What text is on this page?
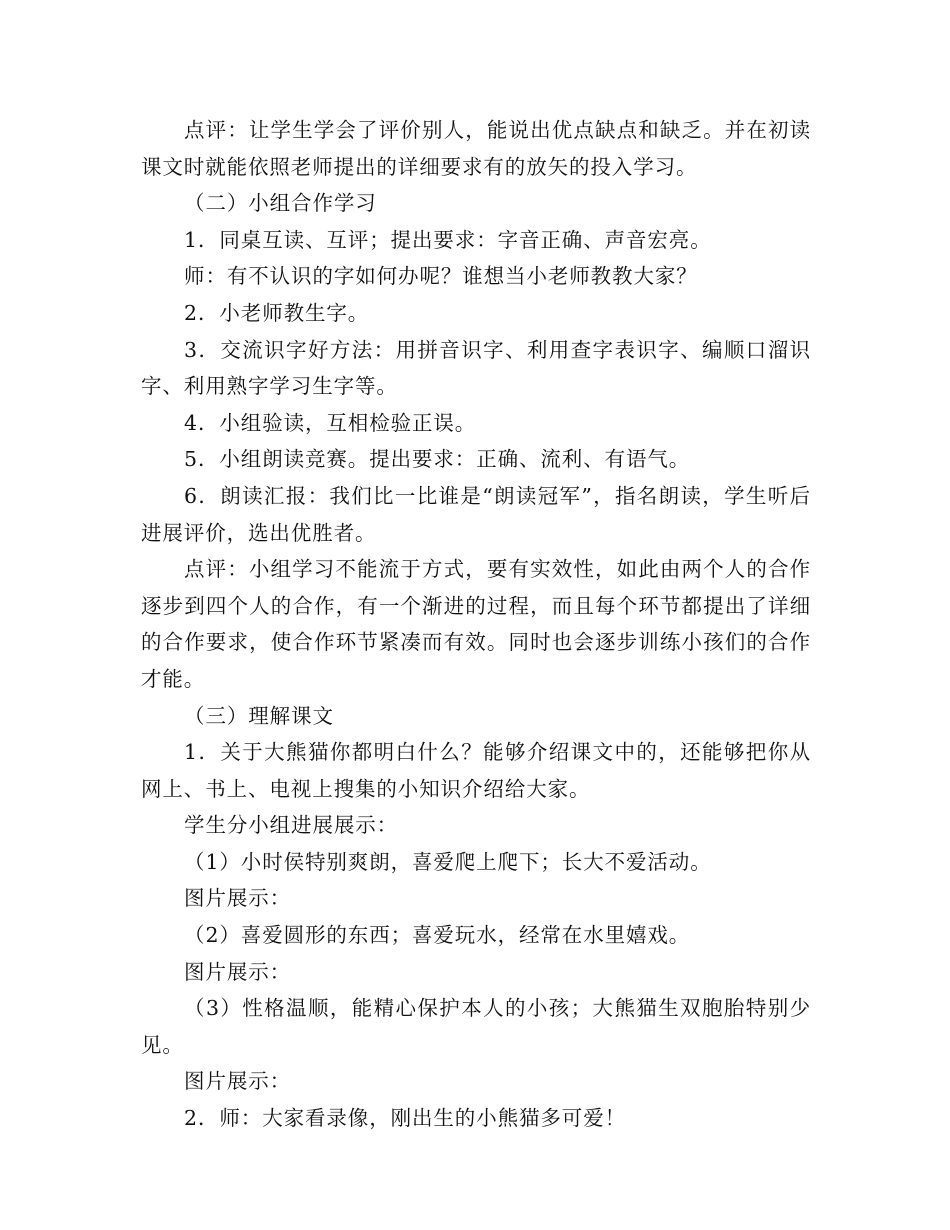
点评：让学生学会了评价别人，能说出优点缺点和缺乏。并在初读课文时就能依照老师提出的详细要求有的放矢的投入学习。

（二）小组合作学习

1．同桌互读、互评；提出要求：字音正确、声音宏亮。

师：有不认识的字如何办呢？谁想当小老师教教大家？

2．小老师教生字。

3．交流识字好方法：用拼音识字、利用查字表识字、编顺口溜识字、利用熟字学习生字等。

4．小组验读，互相检验正误。

5．小组朗读竞赛。提出要求：正确、流利、有语气。

6．朗读汇报：我们比一比谁是“朗读冠军”，指名朗读，学生听后进展评价，选出优胜者。

点评：小组学习不能流于方式，要有实效性，如此由两个人的合作逐步到四个人的合作，有一个渐进的过程，而且每个环节都提出了详细的合作要求，使合作环节紧凑而有效。同时也会逐步训练小孩们的合作才能。

（三）理解课文

1．关于大熊猫你都明白什么？能够介绍课文中的，还能够把你从网上、书上、电视上搜集的小知识介绍给大家。

学生分小组进展展示：

（1）小时侯特别爽朗，喜爱爬上爬下；长大不爱活动。

图片展示：

（2）喜爱圆形的东西；喜爱玩水，经常在水里嬉戏。

图片展示：

（3）性格温顺，能精心保护本人的小孩；大熊猫生双胞胎特别少见。

图片展示：

2．师：大家看录像，刚出生的小熊猫多可爱！
